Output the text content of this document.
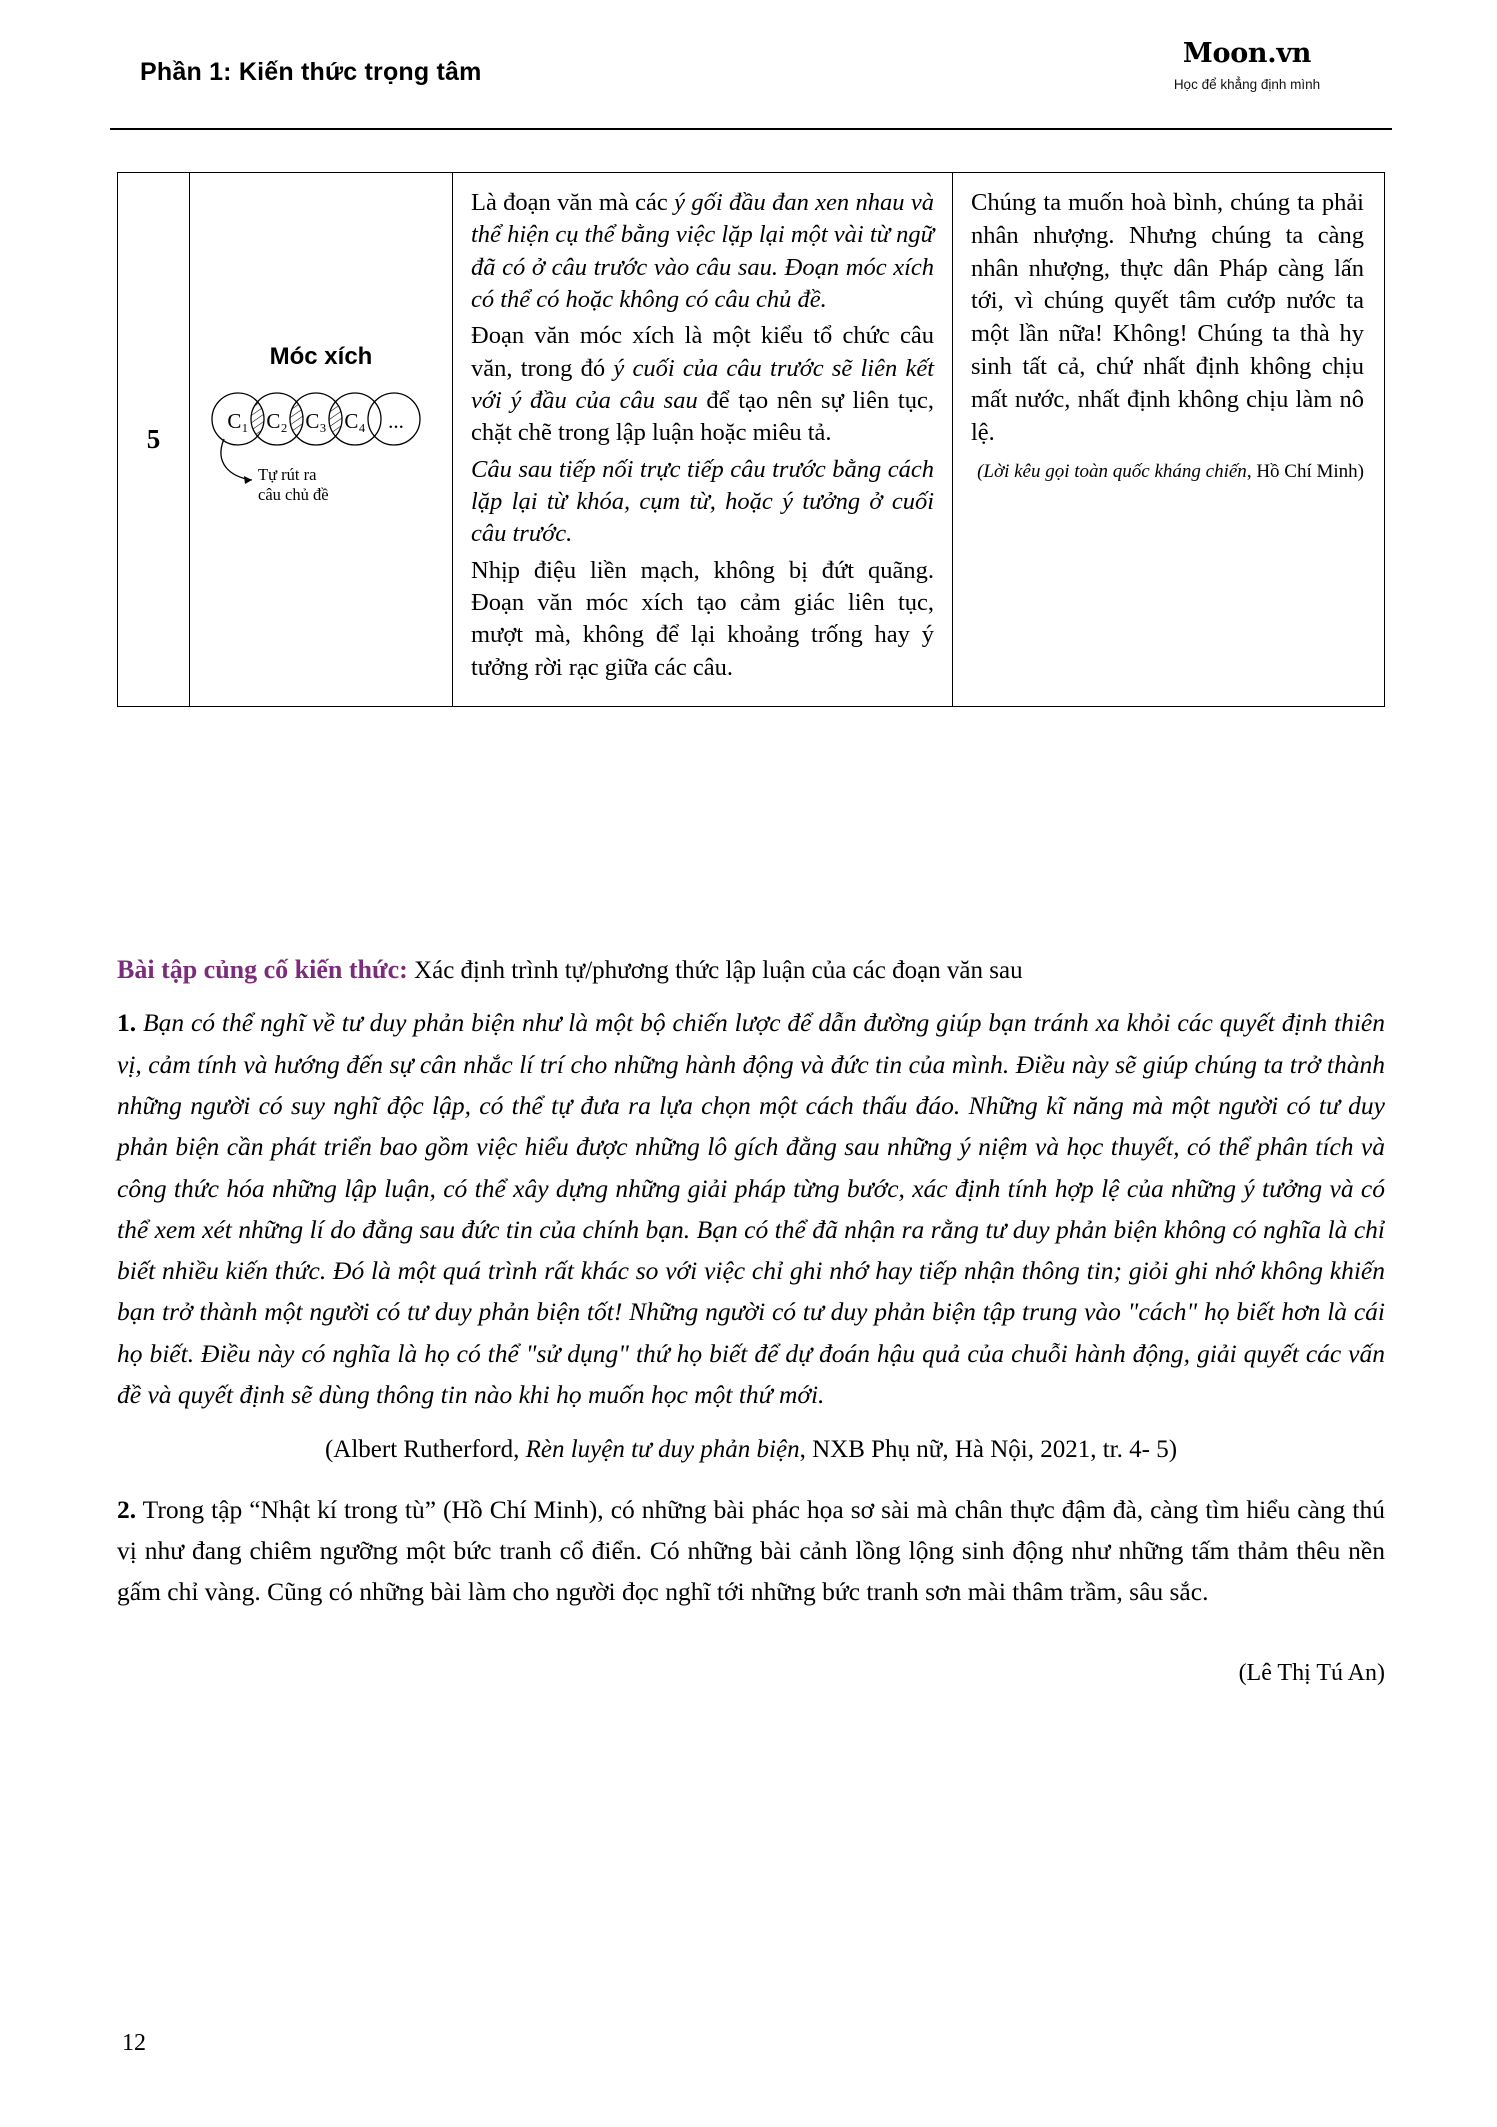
Phần 1: Kiến thức trọng tâm
Moon.vn
Học để khẳng định mình
5
Móc xích
C₁ C₂ C₃ C₄ ...
Tự rút ra
câu chủ đề

Là đoạn văn mà các ý gối đầu đan xen nhau và thể hiện cụ thể bằng việc lặp lại một vài từ ngữ đã có ở câu trước vào câu sau. Đoạn móc xích có thể có hoặc không có câu chủ đề.

Đoạn văn móc xích là một kiểu tổ chức câu văn, trong đó ý cuối của câu trước sẽ liên kết với ý đầu của câu sau để tạo nên sự liên tục, chặt chẽ trong lập luận hoặc miêu tả.

Câu sau tiếp nối trực tiếp câu trước bằng cách lặp lại từ khóa, cụm từ, hoặc ý tưởng ở cuối câu trước.

Nhịp điệu liền mạch, không bị đứt quãng. Đoạn văn móc xích tạo cảm giác liên tục, mượt mà, không để lại khoảng trống hay ý tưởng rời rạc giữa các câu.

Chúng ta muốn hoà bình, chúng ta phải nhân nhượng. Nhưng chúng ta càng nhân nhượng, thực dân Pháp càng lấn tới, vì chúng quyết tâm cướp nước ta một lần nữa! Không! Chúng ta thà hy sinh tất cả, chứ nhất định không chịu mất nước, nhất định không chịu làm nô lệ.

(Lời kêu gọi toàn quốc kháng chiến, Hồ Chí Minh)

Bài tập củng cố kiến thức: Xác định trình tự/phương thức lập luận của các đoạn văn sau

1. Bạn có thể nghĩ về tư duy phản biện như là một bộ chiến lược để dẫn đường giúp bạn tránh xa khỏi các quyết định thiên vị, cảm tính và hướng đến sự cân nhắc lí trí cho những hành động và đức tin của mình. Điều này sẽ giúp chúng ta trở thành những người có suy nghĩ độc lập, có thể tự đưa ra lựa chọn một cách thấu đáo. Những kĩ năng mà một người có tư duy phản biện cần phát triển bao gồm việc hiểu được những lô gích đằng sau những ý niệm và học thuyết, có thể phân tích và công thức hóa những lập luận, có thể xây dựng những giải pháp từng bước, xác định tính hợp lệ của những ý tưởng và có thể xem xét những lí do đằng sau đức tin của chính bạn. Bạn có thể đã nhận ra rằng tư duy phản biện không có nghĩa là chỉ biết nhiều kiến thức. Đó là một quá trình rất khác so với việc chỉ ghi nhớ hay tiếp nhận thông tin; giỏi ghi nhớ không khiến bạn trở thành một người có tư duy phản biện tốt! Những người có tư duy phản biện tập trung vào "cách" họ biết hơn là cái họ biết. Điều này có nghĩa là họ có thể "sử dụng" thứ họ biết để dự đoán hậu quả của chuỗi hành động, giải quyết các vấn đề và quyết định sẽ dùng thông tin nào khi họ muốn học một thứ mới.

(Albert Rutherford, Rèn luyện tư duy phản biện, NXB Phụ nữ, Hà Nội, 2021, tr. 4- 5)

2. Trong tập “Nhật kí trong tù” (Hồ Chí Minh), có những bài phác họa sơ sài mà chân thực đậm đà, càng tìm hiểu càng thú vị như đang chiêm ngưỡng một bức tranh cổ điển. Có những bài cảnh lồng lộng sinh động như những tấm thảm thêu nền gấm chỉ vàng. Cũng có những bài làm cho người đọc nghĩ tới những bức tranh sơn mài thâm trầm, sâu sắc.

(Lê Thị Tú An)

12
